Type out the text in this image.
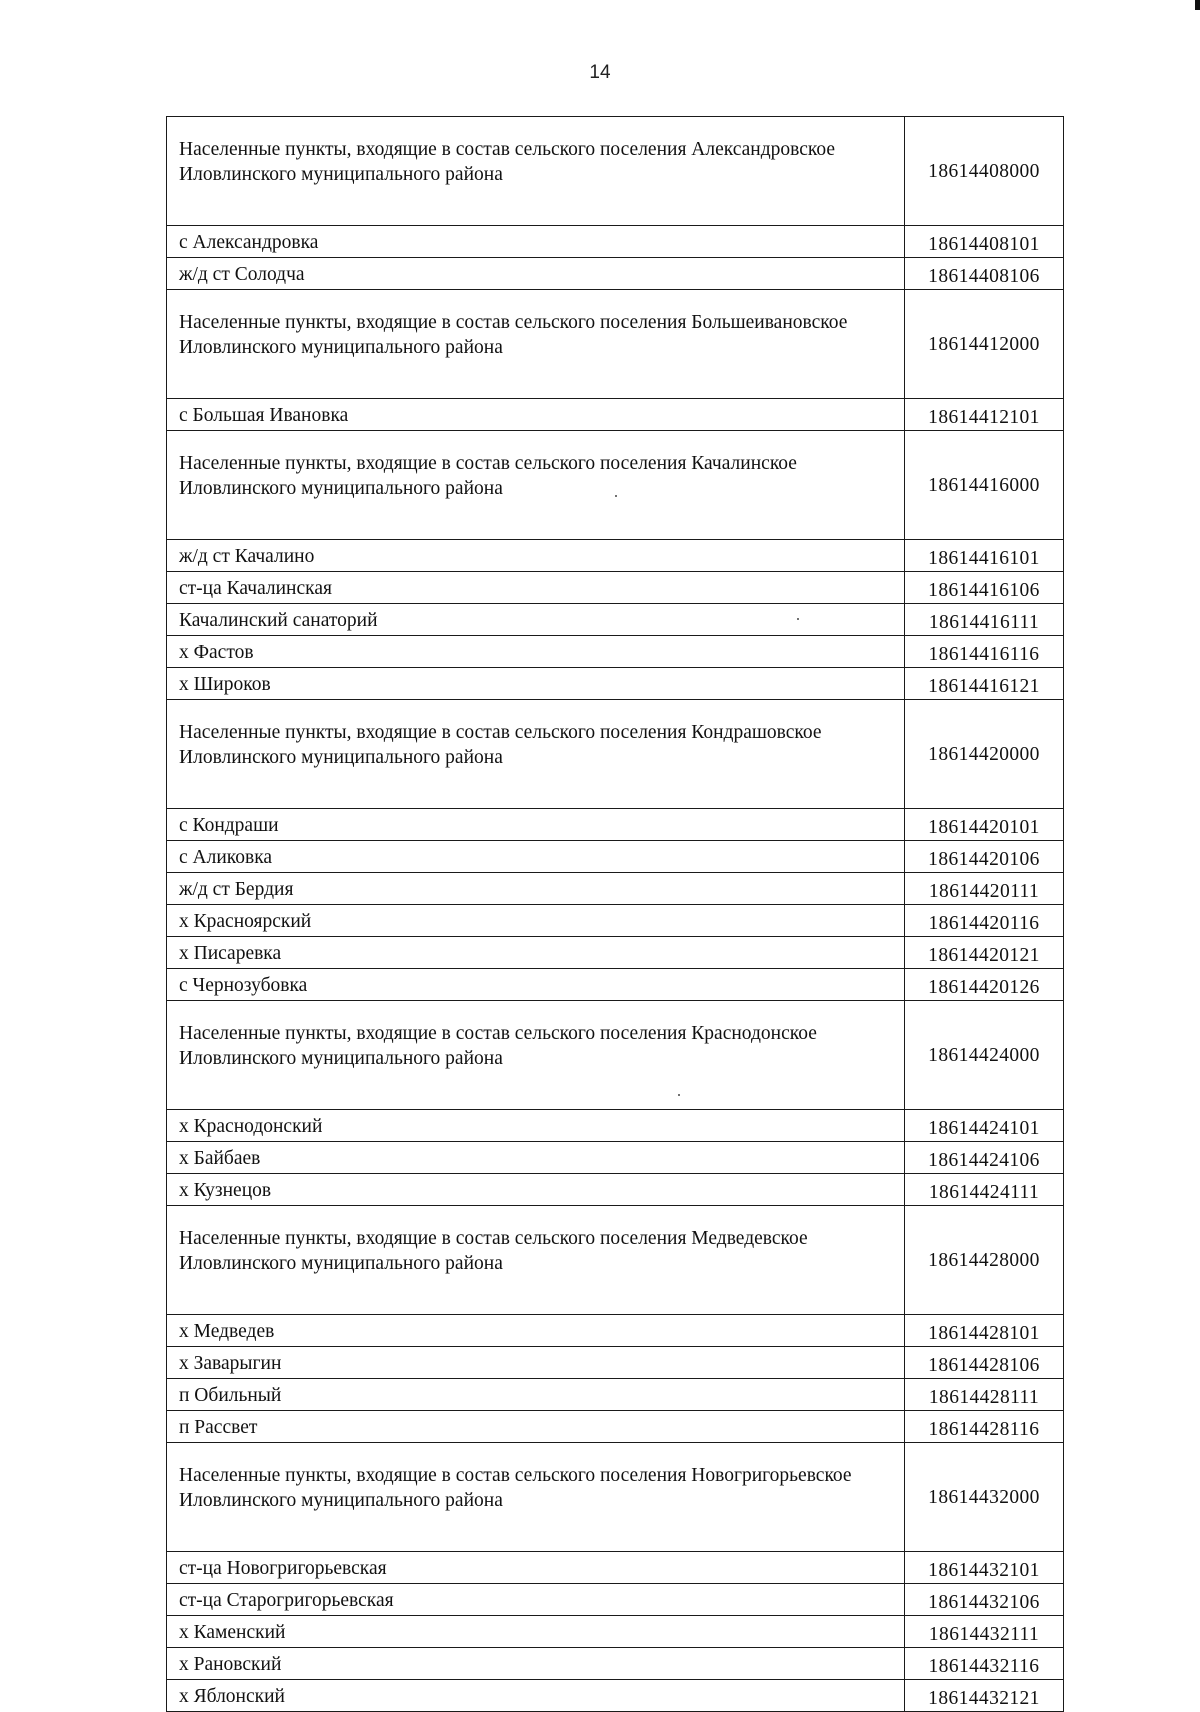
14
Населенные пункты, входящие в состав сельского поселения Александровское Иловлинского муниципального района	18614408000
с Александровка	18614408101
ж/д ст Солодча	18614408106
Населенные пункты, входящие в состав сельского поселения Большеивановское Иловлинского муниципального района	18614412000
с Большая Ивановка	18614412101
Населенные пункты, входящие в состав сельского поселения Качалинское Иловлинского муниципального района	18614416000
ж/д ст Качалино	18614416101
ст-ца Качалинская	18614416106
Качалинский санаторий	18614416111
х Фастов	18614416116
х Широков	18614416121
Населенные пункты, входящие в состав сельского поселения Кондрашовское Иловлинского муниципального района	18614420000
с Кондраши	18614420101
с Аликовка	18614420106
ж/д ст Бердия	18614420111
х Красноярский	18614420116
х Писаревка	18614420121
с Чернозубовка	18614420126
Населенные пункты, входящие в состав сельского поселения Краснодонское Иловлинского муниципального района	18614424000
х Краснодонский	18614424101
х Байбаев	18614424106
х Кузнецов	18614424111
Населенные пункты, входящие в состав сельского поселения Медведевское Иловлинского муниципального района	18614428000
х Медведев	18614428101
х Заварыгин	18614428106
п Обильный	18614428111
п Рассвет	18614428116
Населенные пункты, входящие в состав сельского поселения Новогригорьевское Иловлинского муниципального района	18614432000
ст-ца Новогригорьевская	18614432101
ст-ца Старогригорьевская	18614432106
х Каменский	18614432111
х Рановский	18614432116
х Яблонский	18614432121
